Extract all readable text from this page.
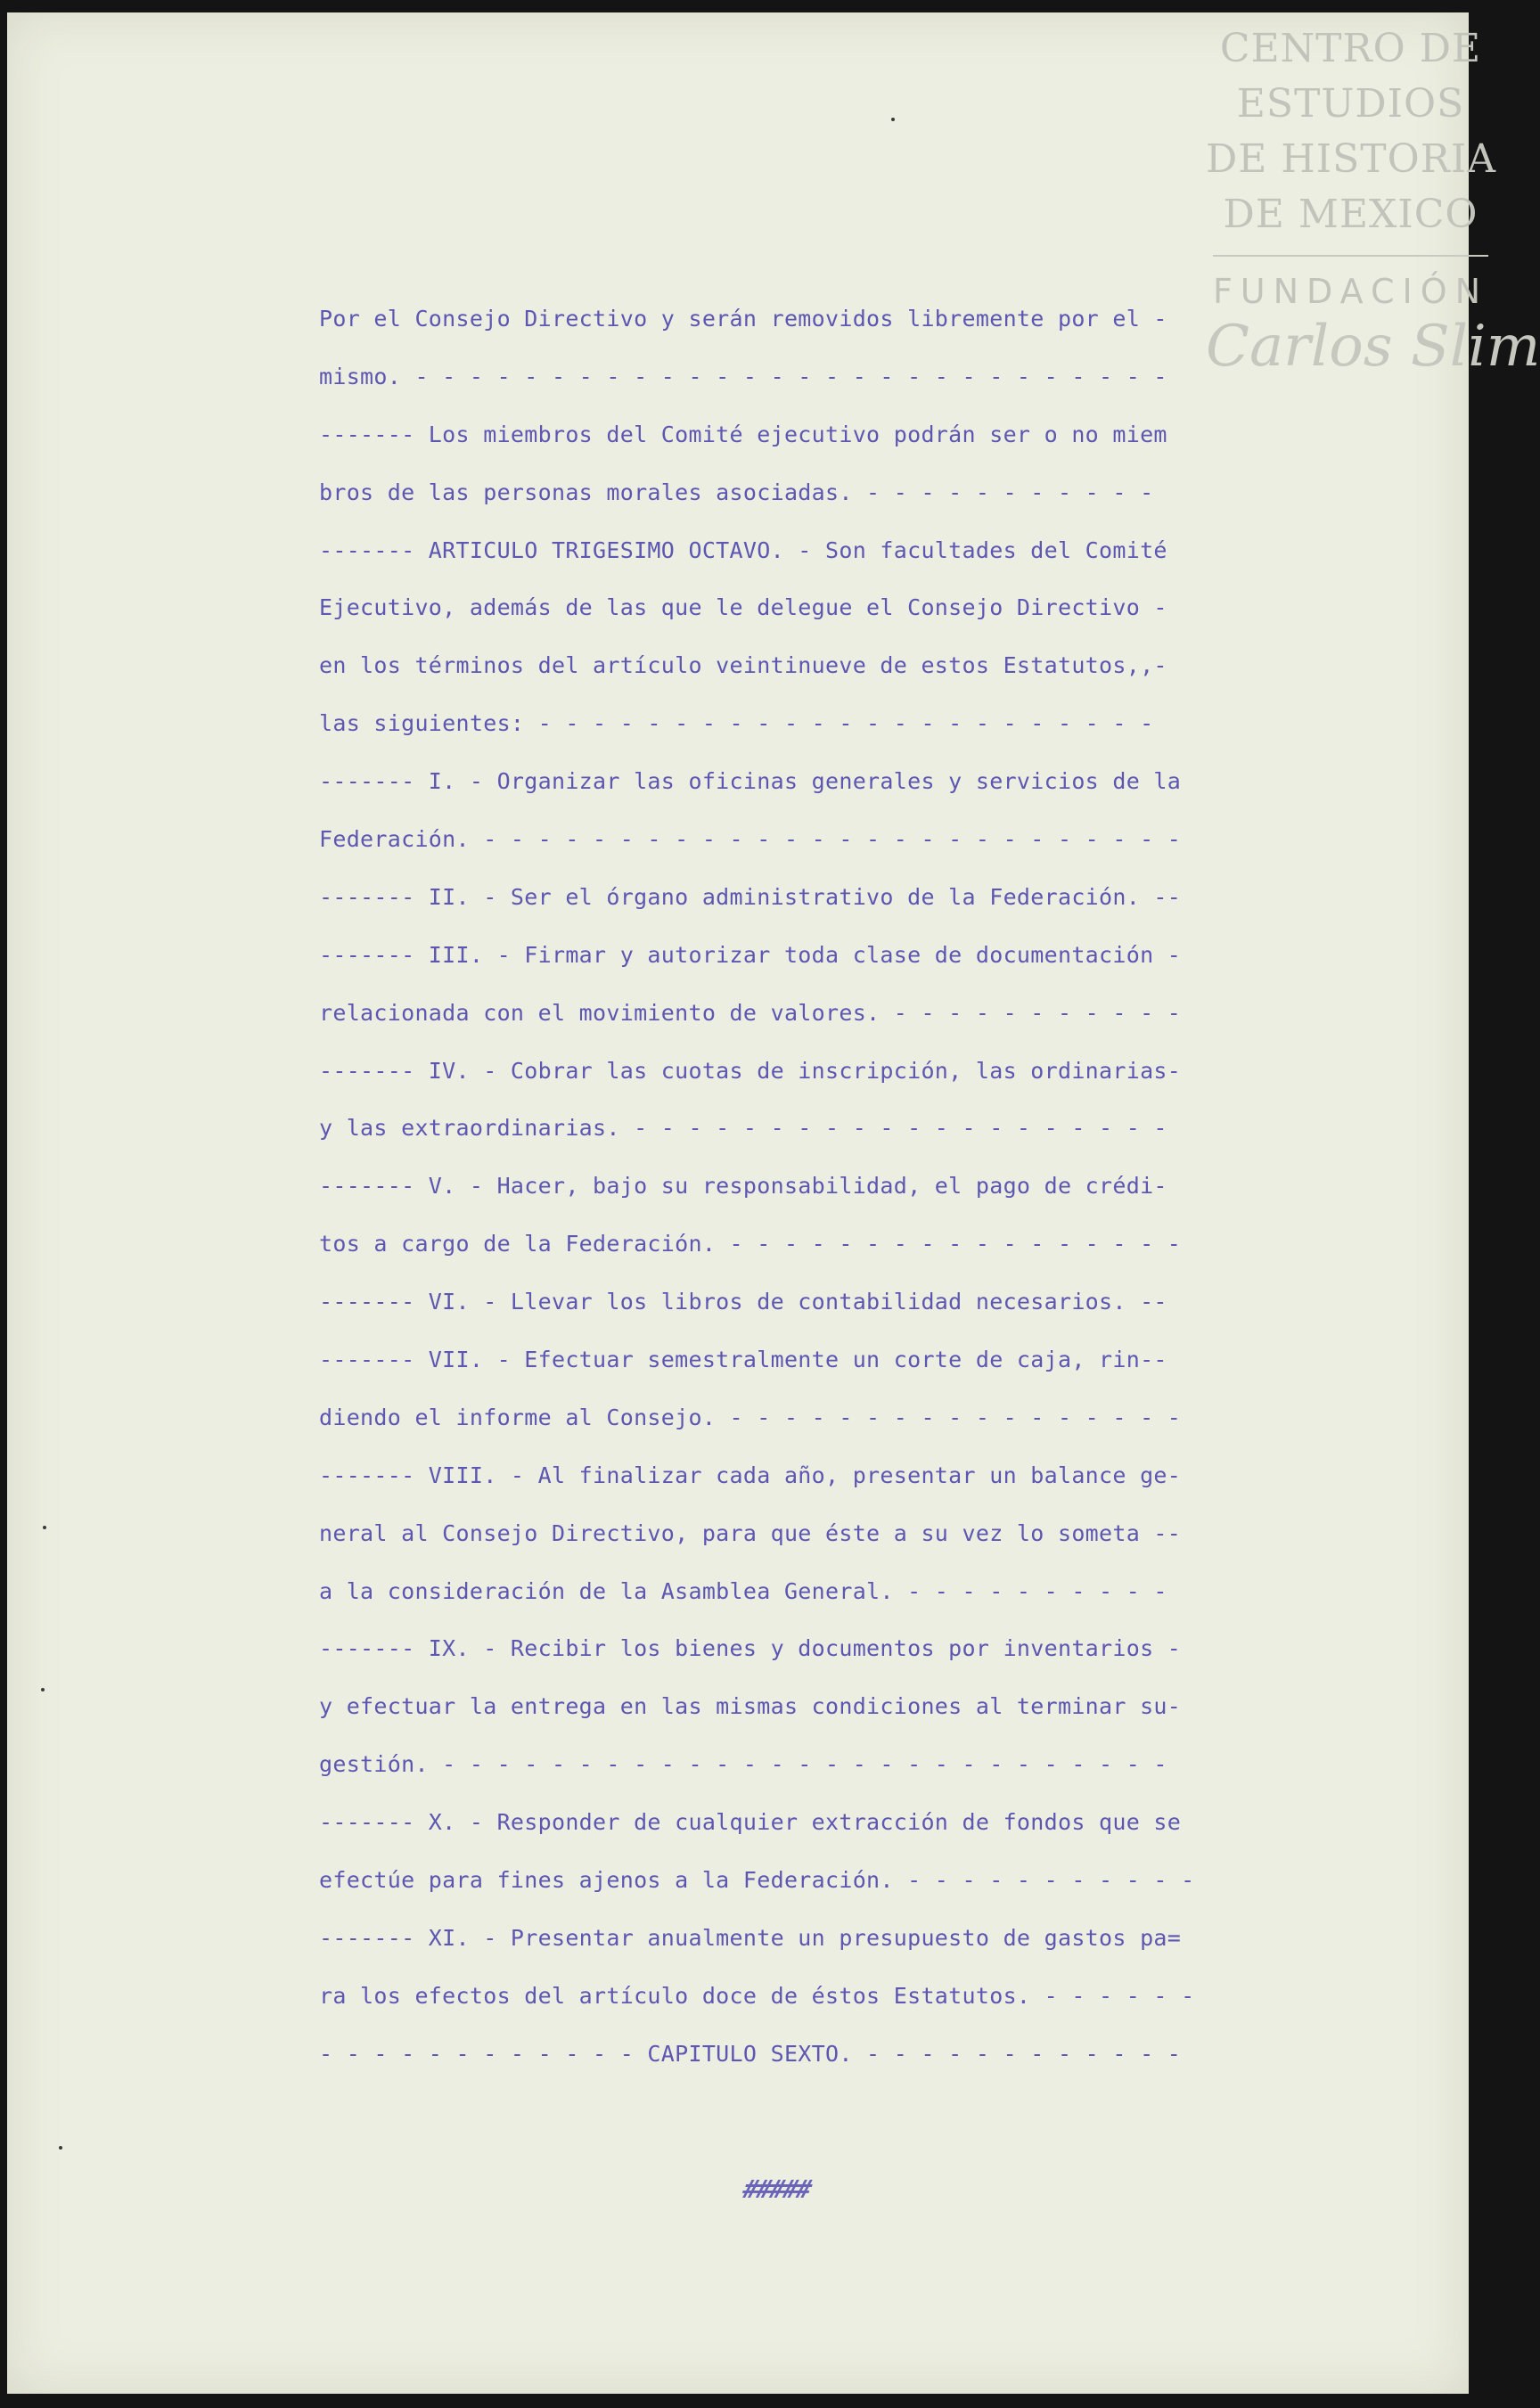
CENTRO DE
ESTUDIOS
DE HISTORIA
DE MEXICO
FUNDACIÓN
Carlos Slim
Por el Consejo Directivo y serán removidos libremente por el -
mismo. - - - - - - - - - - - - - - - - - - - - - - - - - - - -
------- Los miembros del Comité ejecutivo podrán ser o no miem
bros de las personas morales asociadas. - - - - - - - - - - -
------- ARTICULO TRIGESIMO OCTAVO. - Son facultades del Comité
Ejecutivo, además de las que le delegue el Consejo Directivo -
en los términos del artículo veintinueve de estos Estatutos,,-
las siguientes: - - - - - - - - - - - - - - - - - - - - - - -
------- I. - Organizar las oficinas generales y servicios de la
Federación. - - - - - - - - - - - - - - - - - - - - - - - - - -
------- II. - Ser el órgano administrativo de la Federación. --
------- III. - Firmar y autorizar toda clase de documentación -
relacionada con el movimiento de valores. - - - - - - - - - - -
------- IV. - Cobrar las cuotas de inscripción, las ordinarias-
y las extraordinarias. - - - - - - - - - - - - - - - - - - - -
------- V. - Hacer, bajo su responsabilidad, el pago de crédi-
tos a cargo de la Federación. - - - - - - - - - - - - - - - - -
------- VI. - Llevar los libros de contabilidad necesarios. --
------- VII. - Efectuar semestralmente un corte de caja, rin--
diendo el informe al Consejo. - - - - - - - - - - - - - - - - -
------- VIII. - Al finalizar cada año, presentar un balance ge-
neral al Consejo Directivo, para que éste a su vez lo someta --
a la consideración de la Asamblea General. - - - - - - - - - -
------- IX. - Recibir los bienes y documentos por inventarios -
y efectuar la entrega en las mismas condiciones al terminar su-
gestión. - - - - - - - - - - - - - - - - - - - - - - - - - - -
------- X. - Responder de cualquier extracción de fondos que se
efectúe para fines ajenos a la Federación. - - - - - - - - - - -
------- XI. - Presentar anualmente un presupuesto de gastos pa=
ra los efectos del artículo doce de éstos Estatutos. - - - - - -
- - - - - - - - - - - - CAPITULO SEXTO. - - - - - - - - - - - -
#####
